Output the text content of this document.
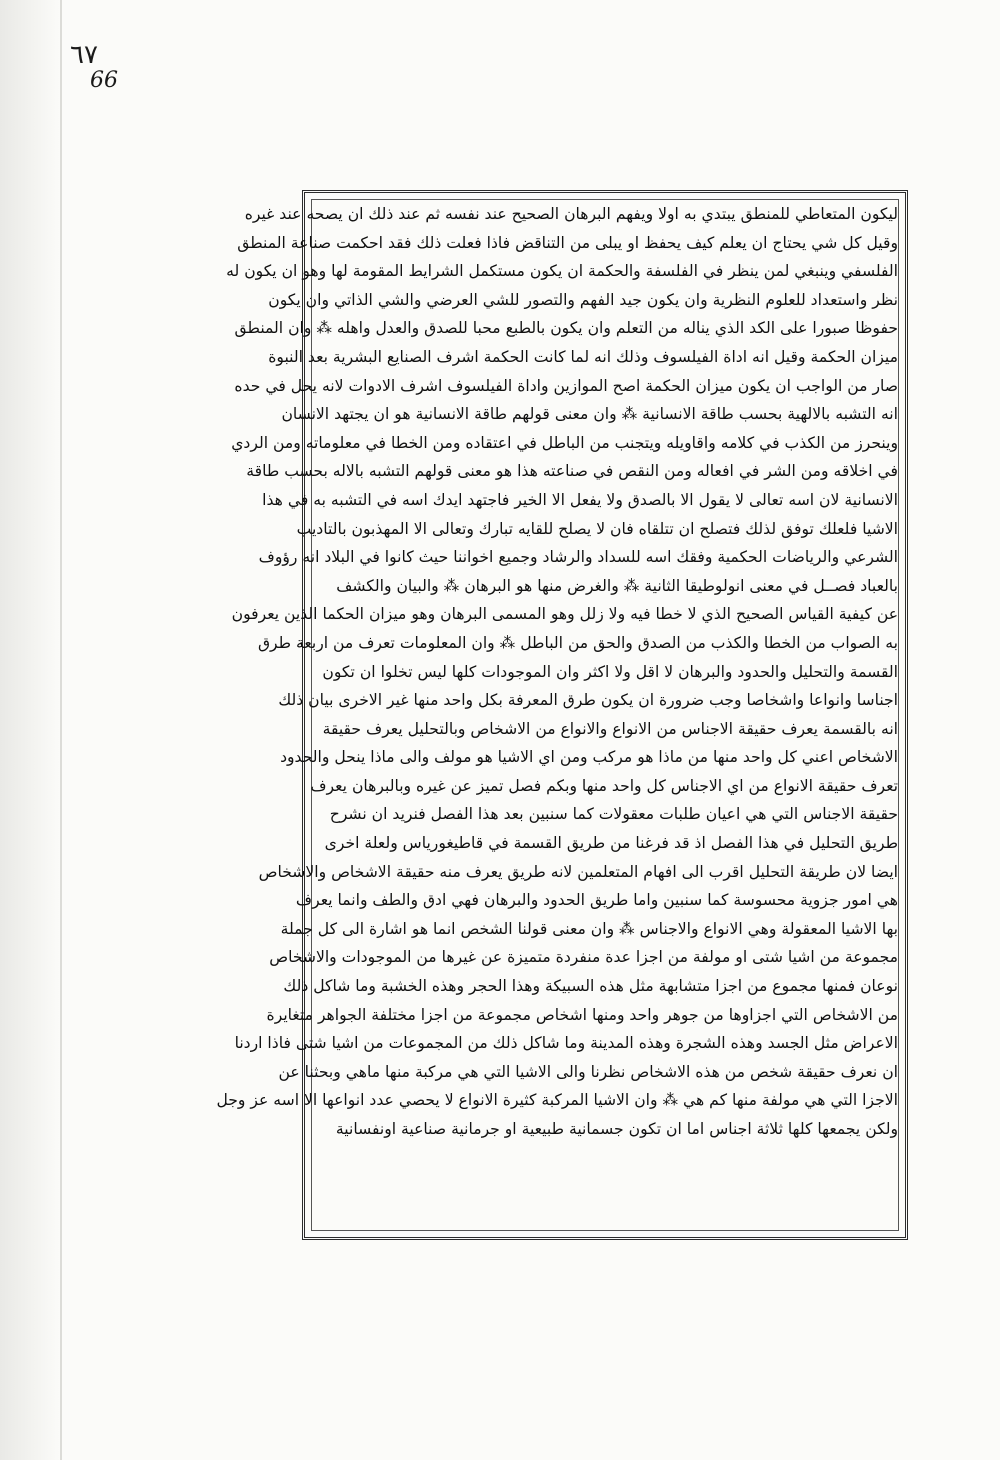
٦٧
66
ليكون المتعاطي للمنطق يبتدي به اولا ويفهم البرهان الصحيح عند نفسه ثم عند ذلك ان يصحه عند غيره
وقيل كل شي يحتاج ان يعلم كيف يحفظ او يبلى من التناقض فاذا فعلت ذلك فقد احكمت صناعة المنطق
الفلسفي وينبغي لمن ينظر في الفلسفة والحكمة ان يكون مستكمل الشرايط المقومة لها وهو ان يكون له
نظر واستعداد للعلوم النظرية وان يكون جيد الفهم والتصور للشي العرضي والشي الذاتي وان يكون
حفوظا صبورا على الكد الذي يناله من التعلم وان يكون بالطبع محبا للصدق والعدل واهله ⁂ وان المنطق
ميزان الحكمة وقيل انه اداة الفيلسوف وذلك انه لما كانت الحكمة اشرف الصنايع البشرية بعد النبوة
صار من الواجب ان يكون ميزان الحكمة اصح الموازين واداة الفيلسوف اشرف الادوات لانه يحل في حده
انه التشبه بالالهية بحسب طاقة الانسانية ⁂ وان معنى قولهم طاقة الانسانية هو ان يجتهد الانسان
وينحرز من الكذب في كلامه واقاويله ويتجنب من الباطل في اعتقاده ومن الخطا في معلوماته ومن الردي
في اخلاقه ومن الشر في افعاله ومن النقص في صناعته هذا هو معنى قولهم التشبه بالاله بحسب طاقة
الانسانية لان اسه تعالى لا يقول الا بالصدق ولا يفعل الا الخير فاجتهد ايدك اسه في التشبه به في هذا
الاشيا فلعلك توفق لذلك فتصلح ان تتلقاه فان لا يصلح للقايه تبارك وتعالى الا المهذبون بالتاديب
الشرعي والرياضات الحكمية وفقك اسه للسداد والرشاد وجميع اخواننا حيث كانوا في البلاد انه رؤوف
بالعباد فصــل في معنى انولوطيقا الثانية ⁂ والغرض منها هو البرهان ⁂ والبيان والكشف
عن كيفية القياس الصحيح الذي لا خطا فيه ولا زلل وهو المسمى البرهان وهو ميزان الحكما الذين يعرفون
به الصواب من الخطا والكذب من الصدق والحق من الباطل ⁂ وان المعلومات تعرف من اربعة طرق
القسمة والتحليل والحدود والبرهان لا اقل ولا اكثر وان الموجودات كلها ليس تخلوا ان تكون
اجناسا وانواعا واشخاصا وجب ضرورة ان يكون طرق المعرفة بكل واحد منها غير الاخرى بيان ذلك
انه بالقسمة يعرف حقيقة الاجناس من الانواع والانواع من الاشخاص وبالتحليل يعرف حقيقة
الاشخاص اعني كل واحد منها من ماذا هو مركب ومن اي الاشيا هو مولف والى ماذا ينحل والحدود
تعرف حقيقة الانواع من اي الاجناس كل واحد منها وبكم فصل تميز عن غيره وبالبرهان يعرف
حقيقة الاجناس التي هي اعيان طلبات معقولات كما سنبين بعد هذا الفصل فنريد ان نشرح
طريق التحليل في هذا الفصل اذ قد فرغنا من طريق القسمة في قاطيغورياس ولعلة اخرى
ايضا لان طريقة التحليل اقرب الى افهام المتعلمين لانه طريق يعرف منه حقيقة الاشخاص والاشخاص
هي امور جزوية محسوسة كما سنبين واما طريق الحدود والبرهان فهي ادق والطف وانما يعرف
بها الاشيا المعقولة وهي الانواع والاجناس ⁂ وان معنى قولنا الشخص انما هو اشارة الى كل جملة
مجموعة من اشيا شتى او مولفة من اجزا عدة منفردة متميزة عن غيرها من الموجودات والاشخاص
نوعان فمنها مجموع من اجزا متشابهة مثل هذه السبيكة وهذا الحجر وهذه الخشبة وما شاكل ذلك
من الاشخاص التي اجزاوها من جوهر واحد ومنها اشخاص مجموعة من اجزا مختلفة الجواهر متغايرة
الاعراض مثل الجسد وهذه الشجرة وهذه المدينة وما شاكل ذلك من المجموعات من اشيا شتى فاذا اردنا
ان نعرف حقيقة شخص من هذه الاشخاص نظرنا والى الاشيا التي هي مركبة منها ماهي وبحثنا عن
الاجزا التي هي مولفة منها كم هي ⁂ وان الاشيا المركبة كثيرة الانواع لا يحصي عدد انواعها الا اسه عز وجل
ولكن يجمعها كلها ثلاثة اجناس اما ان تكون جسمانية طبيعية او جرمانية صناعية اونفسانية
